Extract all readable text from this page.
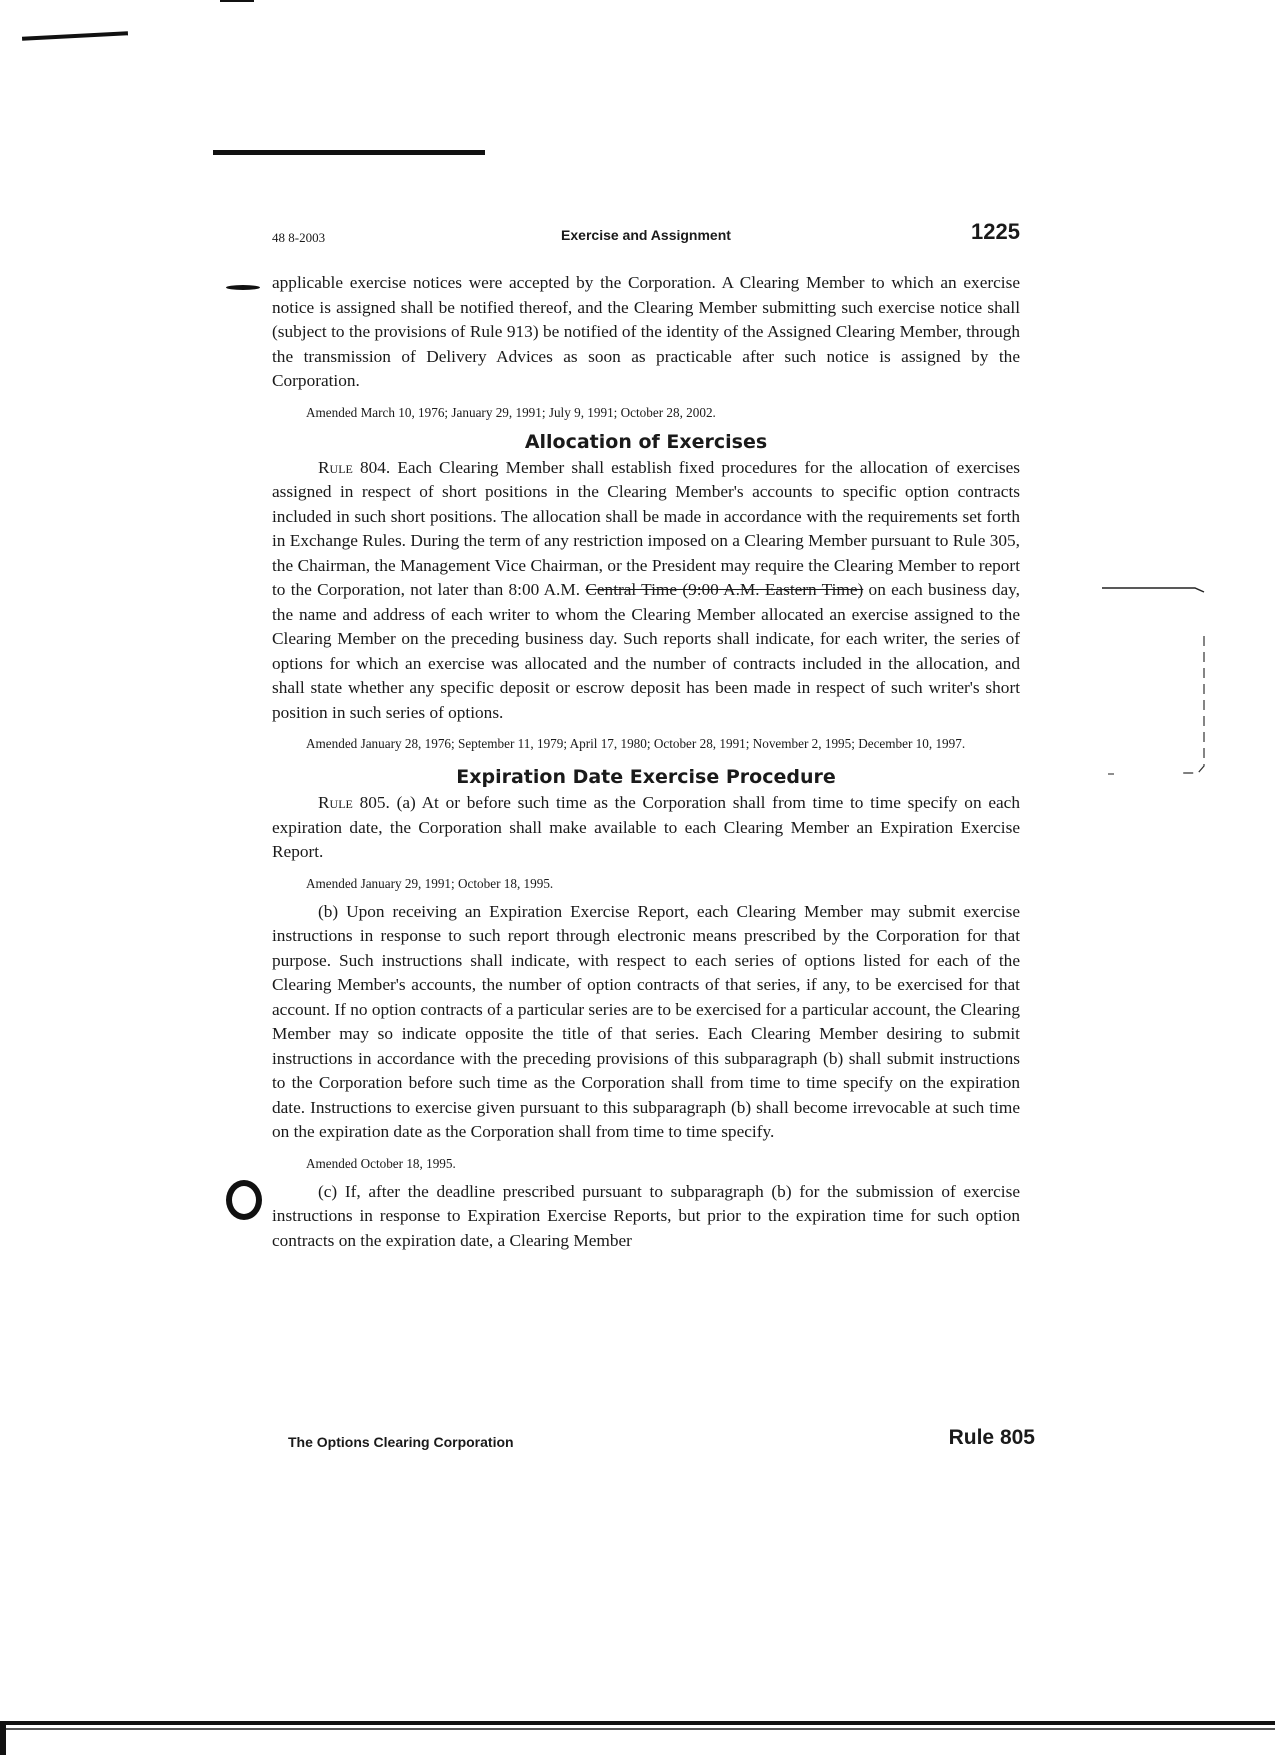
48 8-2003	Exercise and Assignment	1225

applicable exercise notices were accepted by the Corporation. A Clearing Member to which an exercise notice is assigned shall be notified thereof, and the Clearing Member submitting such exercise notice shall (subject to the provisions of Rule 913) be notified of the identity of the Assigned Clearing Member, through the transmission of Delivery Advices as soon as practicable after such notice is assigned by the Corporation.

Amended March 10, 1976; January 29, 1991; July 9, 1991; October 28, 2002.

Allocation of Exercises

Rule 804. Each Clearing Member shall establish fixed procedures for the allocation of exercises assigned in respect of short positions in the Clearing Member's accounts to specific option contracts included in such short positions. The allocation shall be made in accordance with the requirements set forth in Exchange Rules. During the term of any restriction imposed on a Clearing Member pursuant to Rule 305, the Chairman, the Management Vice Chairman, or the President may require the Clearing Member to report to the Corporation, not later than 8:00 A.M. Central Time (9:00 A.M. Eastern Time) on each business day, the name and address of each writer to whom the Clearing Member allocated an exercise assigned to the Clearing Member on the preceding business day. Such reports shall indicate, for each writer, the series of options for which an exercise was allocated and the number of contracts included in the allocation, and shall state whether any specific deposit or escrow deposit has been made in respect of such writer's short position in such series of options.

Amended January 28, 1976; September 11, 1979; April 17, 1980; October 28, 1991; November 2, 1995; December 10, 1997.

Expiration Date Exercise Procedure

Rule 805. (a) At or before such time as the Corporation shall from time to time specify on each expiration date, the Corporation shall make available to each Clearing Member an Expiration Exercise Report.

Amended January 29, 1991; October 18, 1995.

(b) Upon receiving an Expiration Exercise Report, each Clearing Member may submit exercise instructions in response to such report through electronic means prescribed by the Corporation for that purpose. Such instructions shall indicate, with respect to each series of options listed for each of the Clearing Member's accounts, the number of option contracts of that series, if any, to be exercised for that account. If no option contracts of a particular series are to be exercised for a particular account, the Clearing Member may so indicate opposite the title of that series. Each Clearing Member desiring to submit instructions in accordance with the preceding provisions of this subparagraph (b) shall submit instructions to the Corporation before such time as the Corporation shall from time to time specify on the expiration date. Instructions to exercise given pursuant to this subparagraph (b) shall become irrevocable at such time on the expiration date as the Corporation shall from time to time specify.

Amended October 18, 1995.

(c) If, after the deadline prescribed pursuant to subparagraph (b) for the submission of exercise instructions in response to Expiration Exercise Reports, but prior to the expiration time for such option contracts on the expiration date, a Clearing Member

The Options Clearing Corporation	Rule 805
